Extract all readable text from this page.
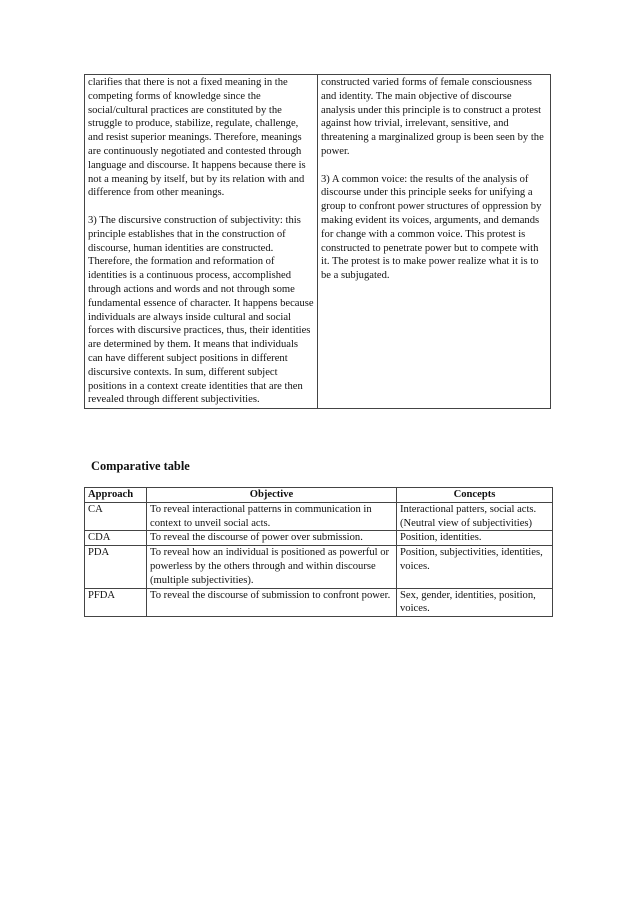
clarifies that there is not a fixed meaning in the competing forms of knowledge since the social/cultural practices are constituted by the struggle to produce, stabilize, regulate, challenge, and resist superior meanings. Therefore, meanings are continuously negotiated and contested through language and discourse. It happens because there is not a meaning by itself, but by its relation with and difference from other meanings.

3) The discursive construction of subjectivity: this principle establishes that in the construction of discourse, human identities are constructed. Therefore, the formation and reformation of identities is a continuous process, accomplished through actions and words and not through some fundamental essence of character. It happens because individuals are always inside cultural and social forces with discursive practices, thus, their identities are determined by them. It means that individuals can have different subject positions in different discursive contexts. In sum, different subject positions in a context create identities that are then revealed through different subjectivities.

constructed varied forms of female consciousness and identity. The main objective of discourse analysis under this principle is to construct a protest against how trivial, irrelevant, sensitive, and threatening a marginalized group is been seen by the power.

3) A common voice: the results of the analysis of discourse under this principle seeks for unifying a group to confront power structures of oppression by making evident its voices, arguments, and demands for change with a common voice. This protest is constructed to penetrate power but to compete with it. The protest is to make power realize what it is to be a subjugated.

Comparative table
Approach	Objective	Concepts
CA	To reveal interactional patterns in communication in context to unveil social acts.	Interactional patters, social acts. (Neutral view of subjectivities)
CDA	To reveal the discourse of power over submission.	Position, identities.
PDA	To reveal how an individual is positioned as powerful or powerless by the others through and within discourse (multiple subjectivities).	Position, subjectivities, identities, voices.
PFDA	To reveal the discourse of submission to confront power.	Sex, gender, identities, position, voices.
